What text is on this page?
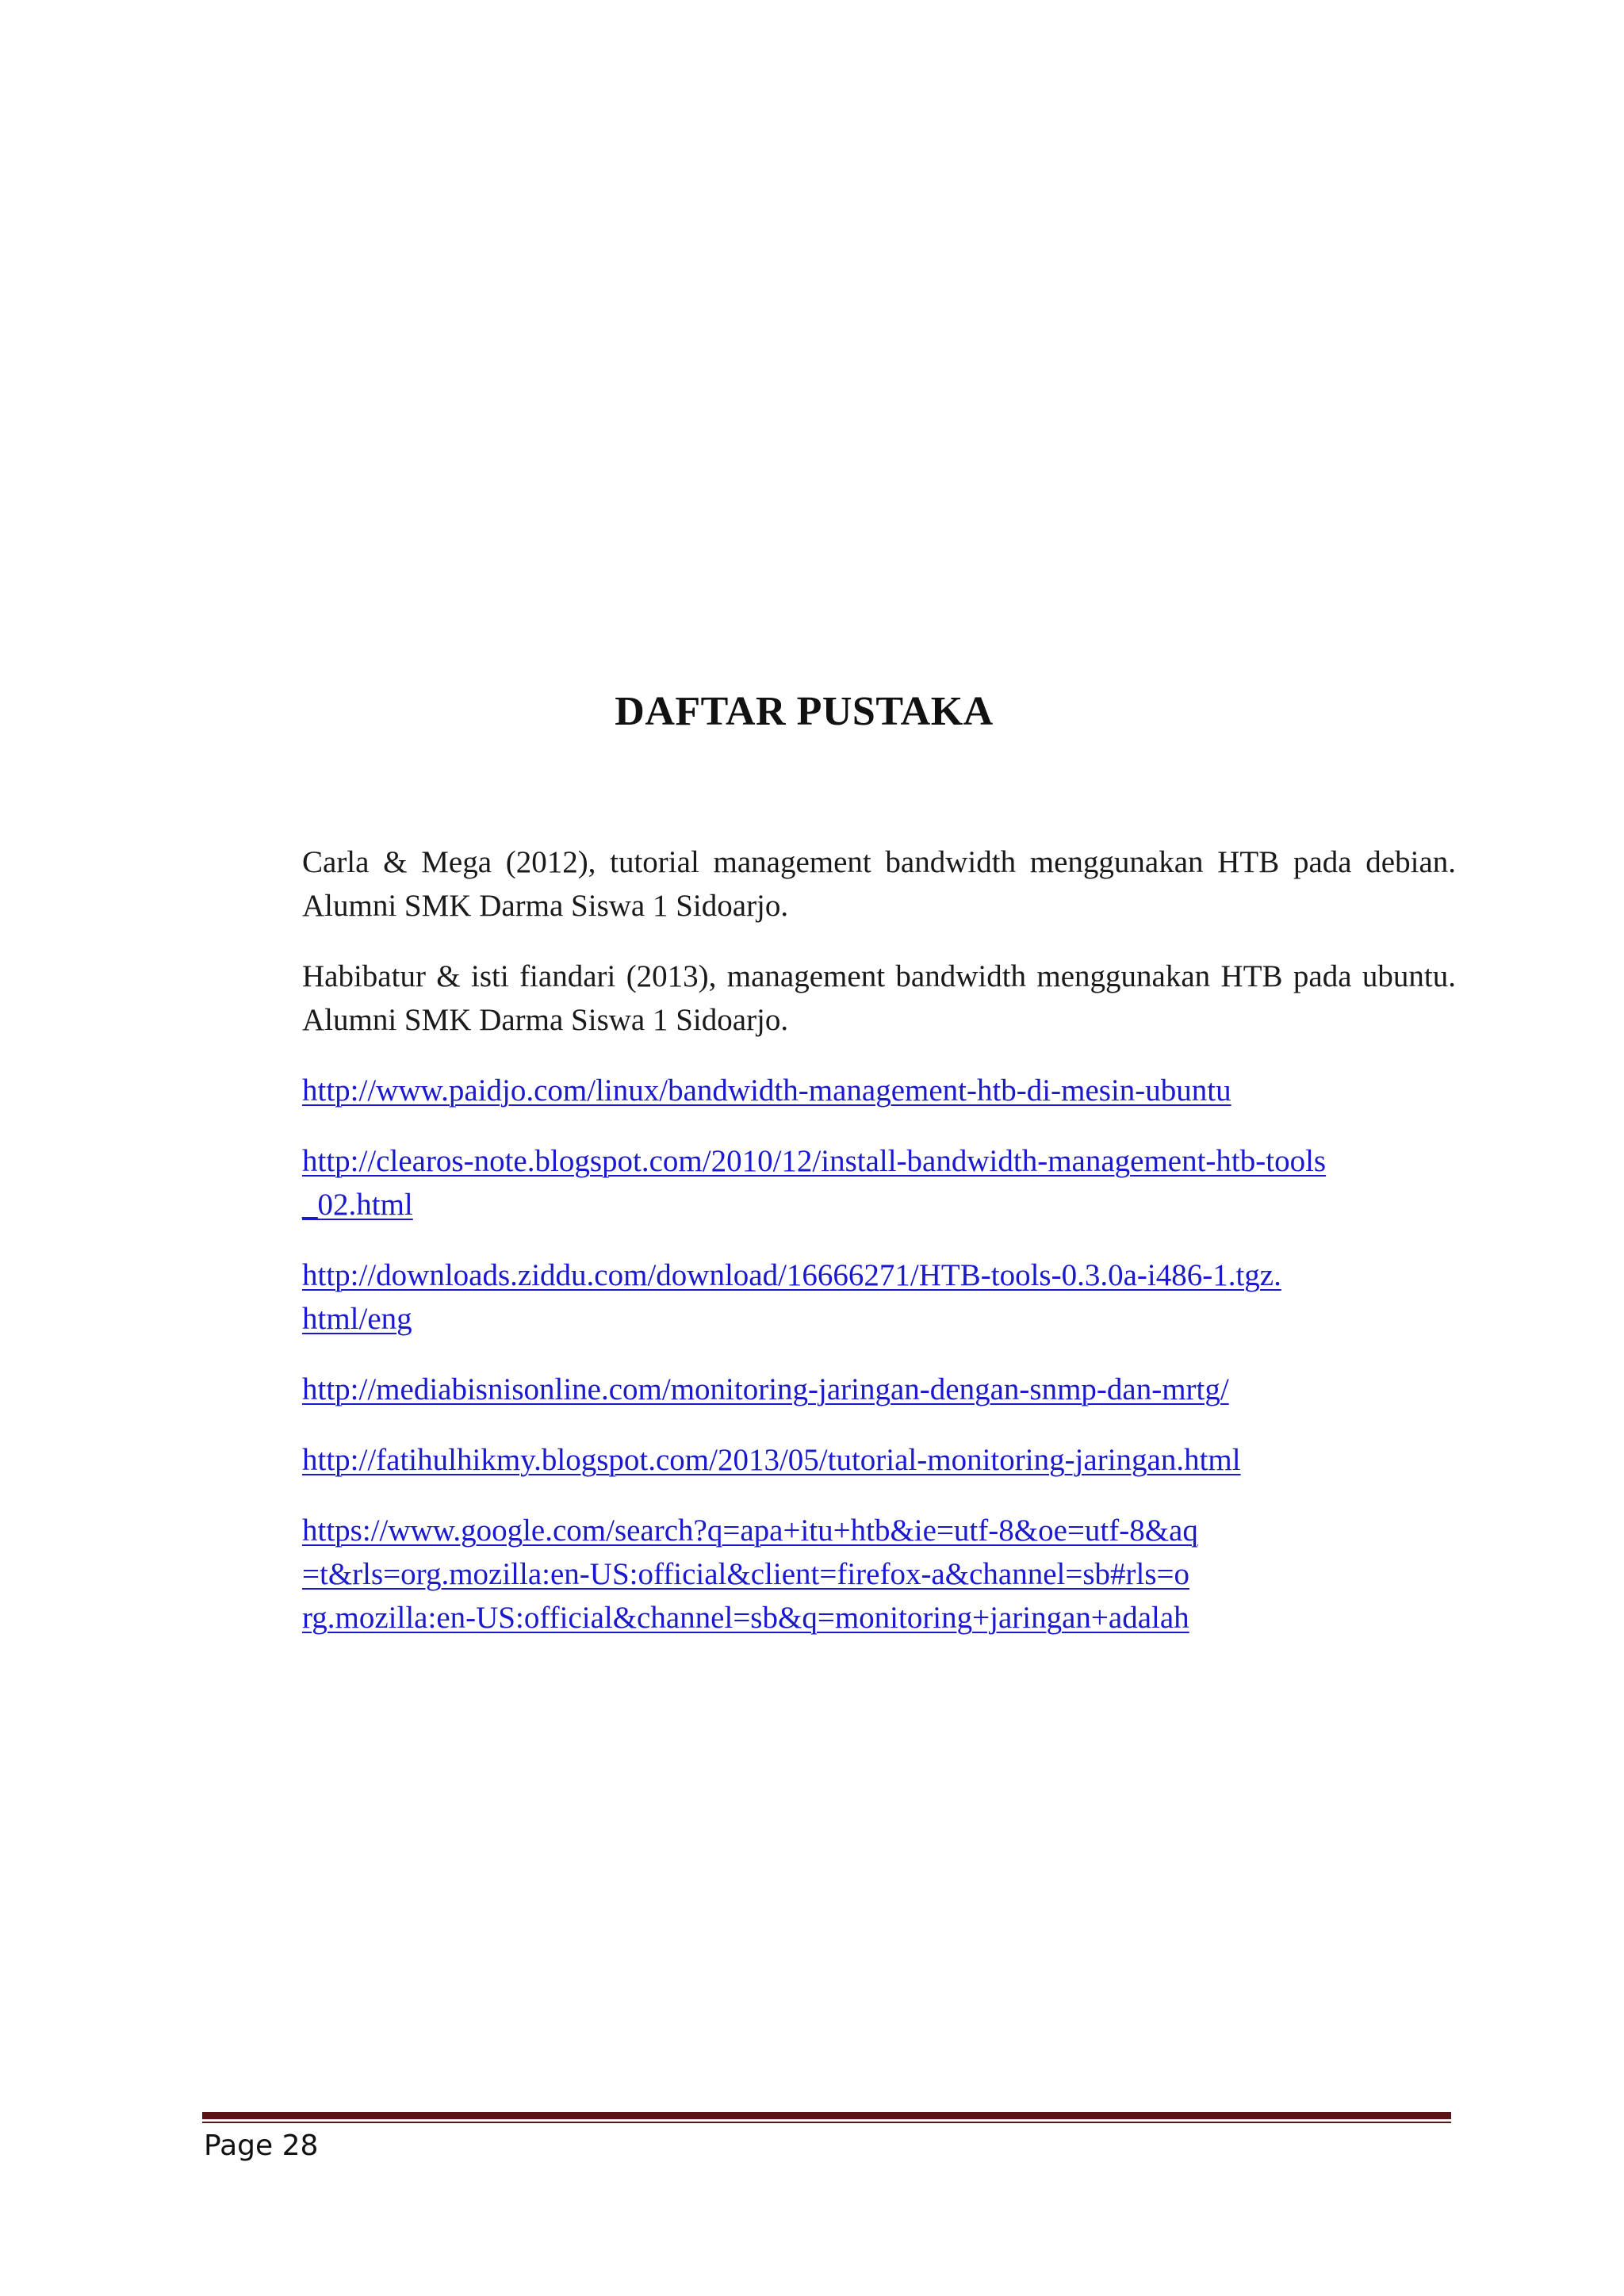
DAFTAR PUSTAKA
Carla & Mega (2012), tutorial management bandwidth menggunakan HTB pada debian. Alumni SMK Darma Siswa 1 Sidoarjo.
Habibatur & isti fiandari (2013), management bandwidth menggunakan HTB pada ubuntu. Alumni SMK Darma Siswa 1 Sidoarjo.
http://www.paidjo.com/linux/bandwidth-management-htb-di-mesin-ubuntu
http://clearos-note.blogspot.com/2010/12/install-bandwidth-management-htb-tools_02.html
http://downloads.ziddu.com/download/16666271/HTB-tools-0.3.0a-i486-1.tgz.html/eng
http://mediabisnisonline.com/monitoring-jaringan-dengan-snmp-dan-mrtg/
http://fatihulhikmy.blogspot.com/2013/05/tutorial-monitoring-jaringan.html
https://www.google.com/search?q=apa+itu+htb&ie=utf-8&oe=utf-8&aq=t&rls=org.mozilla:en-US:official&client=firefox-a&channel=sb#rls=org.mozilla:en-US:official&channel=sb&q=monitoring+jaringan+adalah
Page 28
